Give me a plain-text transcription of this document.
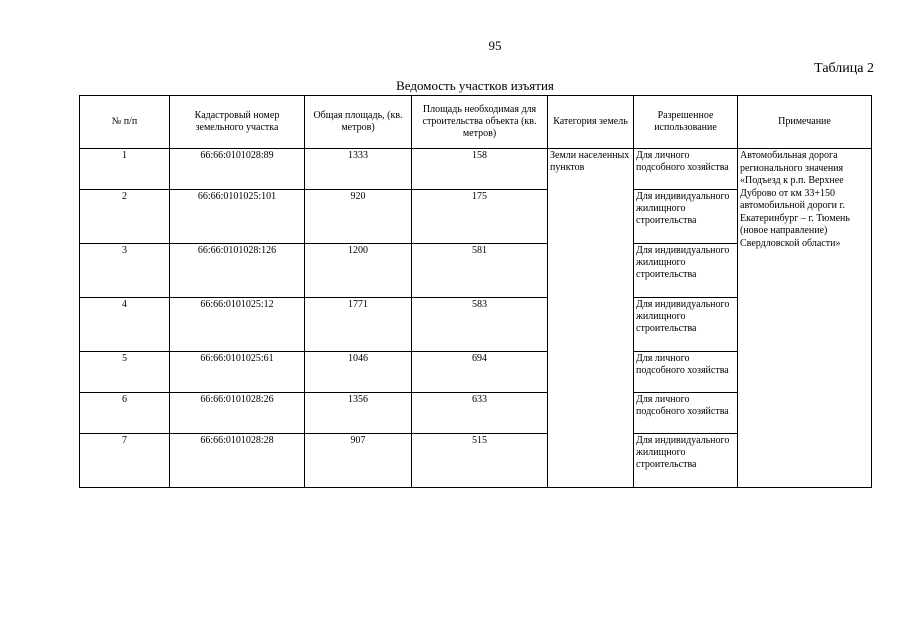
95
Таблица 2
Ведомость участков изъятия
№ п/п	Кадастровый номер земельного участка	Общая площадь, (кв. метров)	Площадь необходимая для строительства объекта (кв. метров)	Категория земель	Разрешенное использование	Примечание
1	66:66:0101028:89	1333	158	Земли населенных пунктов	Для личного подсобного хозяйства	Автомобильная дорога регионального значения «Подъезд к р.п. Верхнее Дуброво от км 33+150 автомобильной дороги г. Екатеринбург – г. Тюмень (новое направление) Свердловской области»
2	66:66:0101025:101	920	175		Для индивидуального жилищного строительства	
3	66:66:0101028:126	1200	581		Для индивидуального жилищного строительства	
4	66:66:0101025:12	1771	583		Для индивидуального жилищного строительства	
5	66:66:0101025:61	1046	694		Для личного подсобного хозяйства	
6	66:66:0101028:26	1356	633		Для личного подсобного хозяйства	
7	66:66:0101028:28	907	515		Для индивидуального жилищного строительства	
